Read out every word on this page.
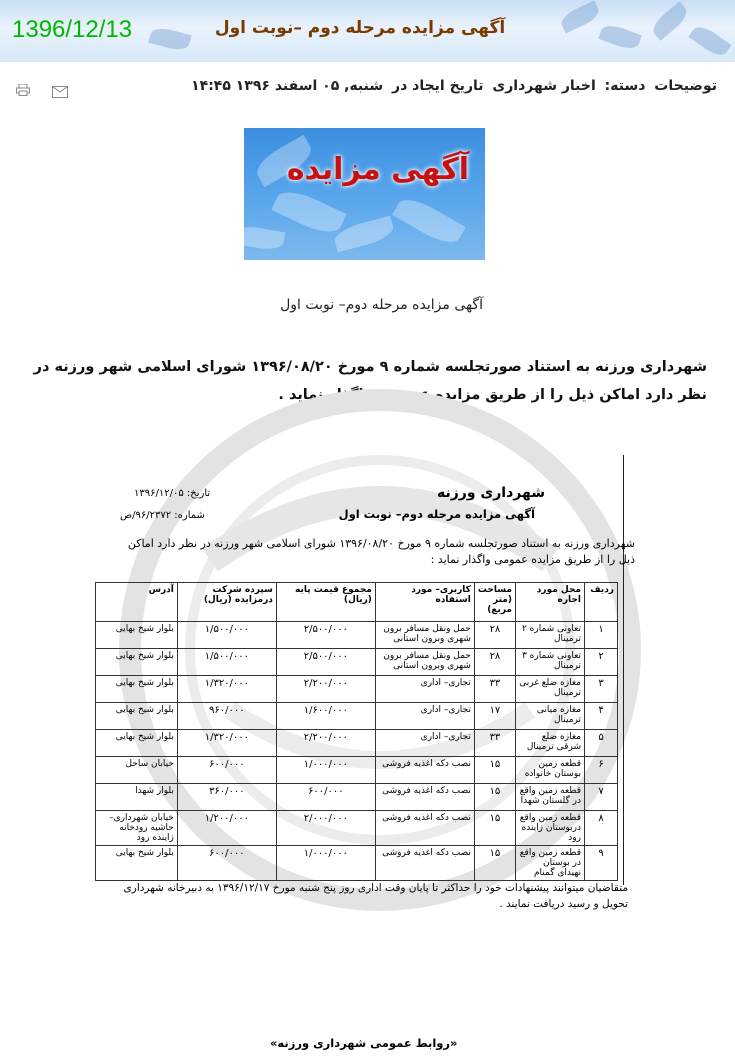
آگهی مزایده مرحله دوم –نوبت اول
1396/12/13
توضیحات دسته: اخبار شهرداری تاریخ ایجاد در شنبه, ۰۵ اسفند ۱۳۹۶ ۱۴:۴۵
آگهی مزایده
آگهی مزایده مرحله دوم– نوبت اول
شهرداری ورزنه به استناد صورتجلسه شماره ۹ مورخ ۱۳۹۶/۰۸/۲۰ شورای اسلامی شهر ورزنه در نظر دارد اماکن ذیل را از طریق مزایده عمومی واگذار نماید .
شهرداری ورزنه
آگهی مزایده مرحله دوم– نوبت اول
تاریخ: ۱۳۹۶/۱۲/۰۵
شماره: ۹۶/۲۳۷۲/ص
شهرداری ورزنه به استناد صورتجلسه شماره ۹ مورخ ۱۳۹۶/۰۸/۲۰ شورای اسلامی شهر ورزنه در نظر دارد اماکن ذیل را از طریق مزایده عمومی واگذار نماید :
ردیف	محل مورد اجاره	مساحت (متر مربع)	کاربری– مورد استفاده	مجموع قیمت پایه (ریال)	سپرده شرکت درمزایده (ریال)	آدرس
۱	تعاونی شماره ۲ ترمینال	۲۸	حمل ونقل مسافر برون شهری وبرون استانی	۲/۵۰۰/۰۰۰	۱/۵۰۰/۰۰۰	بلوار شیخ بهایی
۲	تعاونی شماره ۳ ترمینال	۲۸	حمل ونقل مسافر برون شهری وبرون استانی	۲/۵۰۰/۰۰۰	۱/۵۰۰/۰۰۰	بلوار شیخ بهایی
۳	مغازه ضلع غربی ترمینال	۳۳	تجاری– اداری	۲/۲۰۰/۰۰۰	۱/۳۲۰/۰۰۰	بلوار شیخ بهایی
۴	مغازه میانی ترمینال	۱۷	تجاری– اداری	۱/۶۰۰/۰۰۰	۹۶۰/۰۰۰	بلوار شیخ بهایی
۵	مغازه ضلع شرقی ترمینال	۳۳	تجاری– اداری	۲/۲۰۰/۰۰۰	۱/۳۲۰/۰۰۰	بلوار شیخ بهایی
۶	قطعه زمین بوستان خانواده	۱۵	نصب دکه اغذیه فروشی	۱/۰۰۰/۰۰۰	۶۰۰/۰۰۰	خیابان ساحل
۷	قطعه زمین واقع در گلستان شهدا	۱۵	نصب دکه اغذیه فروشی	۶۰۰/۰۰۰	۳۶۰/۰۰۰	بلوار شهدا
۸	قطعه زمین واقع دربوستان زاینده رود	۱۵	نصب دکه اغذیه فروشی	۲/۰۰۰/۰۰۰	۱/۲۰۰/۰۰۰	خیابان شهرداری– حاشیه رودخانه زاینده رود
۹	قطعه زمین واقع در بوستان نهیدای گمنام	۱۵	نصب دکه اغذیه فروشی	۱/۰۰۰/۰۰۰	۶۰۰/۰۰۰	بلوار شیخ بهایی
متقاضیان میتوانند پیشنهادات خود را حداکثر تا پایان وقت اداری روز پنج شنبه مورخ ۱۳۹۶/۱۲/۱۷ به دبیرخانه شهرداری تحویل و رسید دریافت نمایند .
«روابط عمومی شهرداری ورزنه»
